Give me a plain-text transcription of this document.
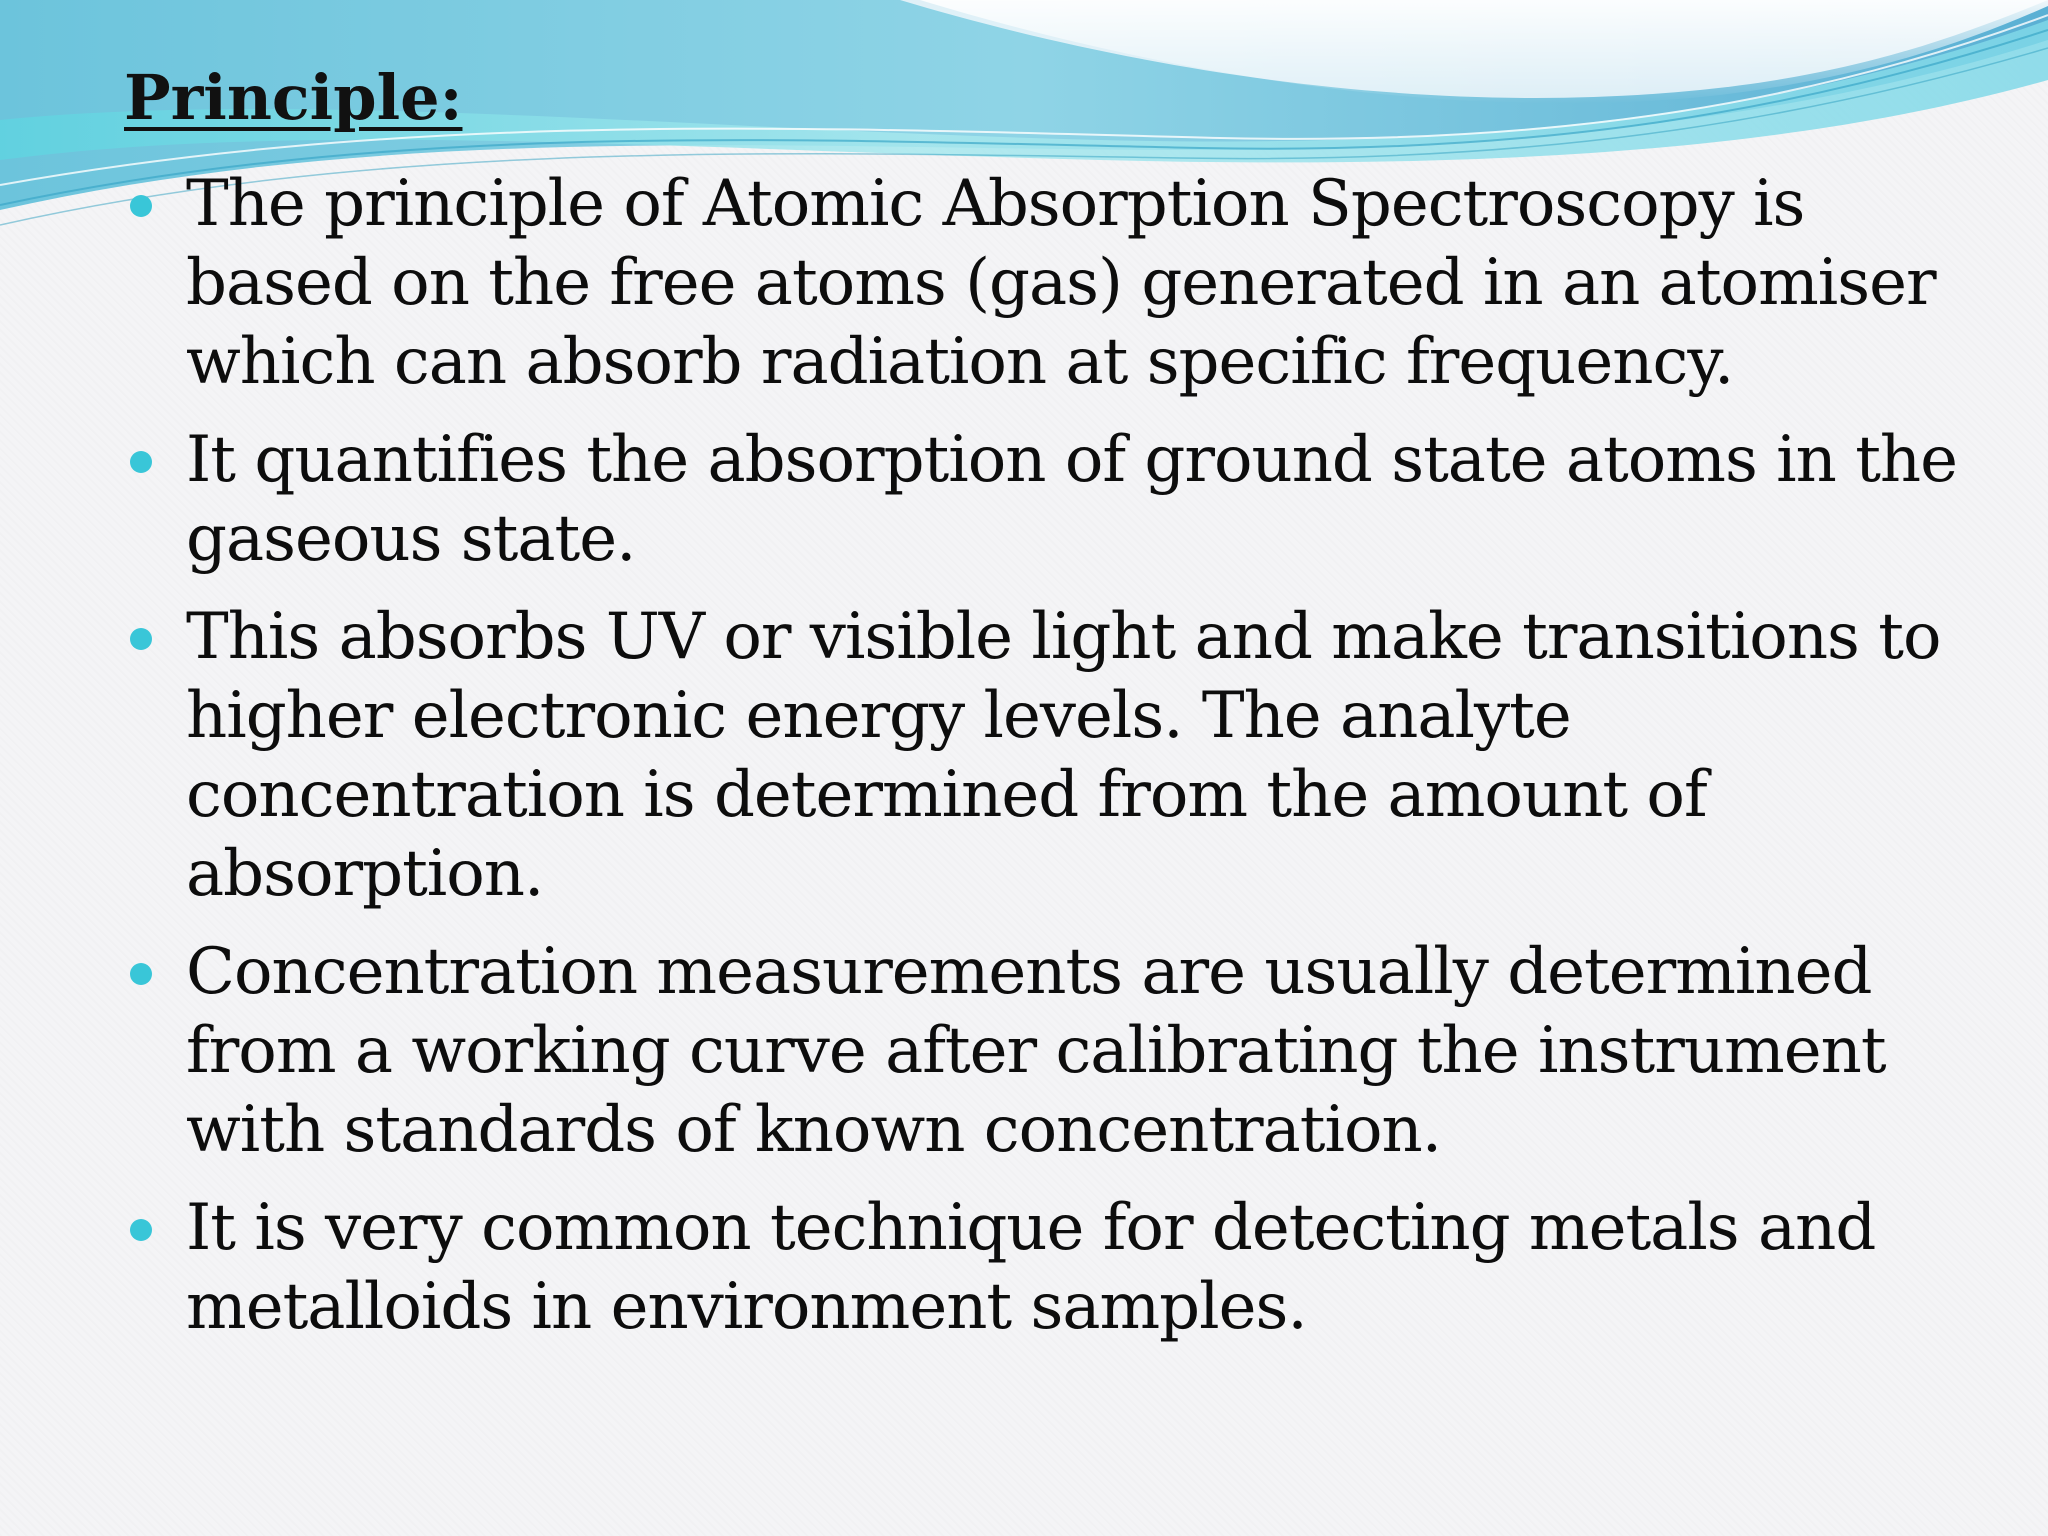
Principle:
The principle of Atomic Absorption Spectroscopy is based on the free atoms (gas) generated in an atomiser which can absorb radiation at specific frequency.
It quantifies the absorption of ground state atoms in the gaseous state.
This absorbs UV or visible light and make transitions to higher electronic energy levels. The analyte concentration is determined from the amount of absorption.
Concentration measurements are usually determined from a working curve after calibrating the instrument with standards of known concentration.
It is very common technique for detecting metals and metalloids in environment samples.
